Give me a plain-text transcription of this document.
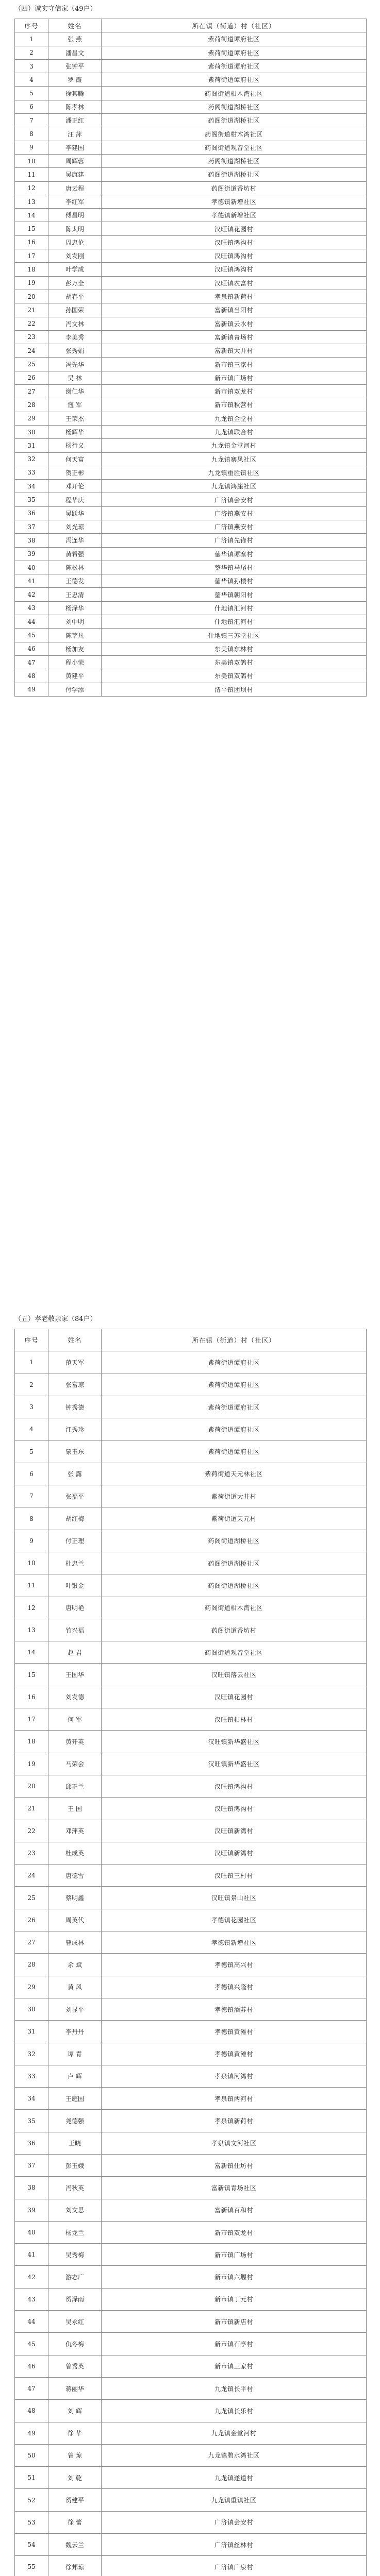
（四）诚实守信家（49户）
序号	姓名	所在镇（街道）村（社区）
1	张 燕	紫荷街道谭府社区
2	潘昌文	紫荷街道谭府社区
3	张钟平	紫荷街道谭府社区
4	罗 霞	紫荷街道谭府社区
5	徐其腾	药阁街道柑木湾社区
6	陈孝林	药阁街道湖桥社区
7	潘正红	药阁街道湖桥社区
8	汪 萍	药阁街道柑木湾社区
9	李建国	药阁街道观音堂社区
10	周辉蓉	药阁街道湖桥社区
11	吴康建	药阁街道湖桥社区
12	唐云程	药阁街道香坊村
13	李红军	孝德镇新增社区
14	傅昌明	孝德镇新增社区
15	陈太明	汉旺镇花园村
16	周忠伦	汉旺镇鸿沟村
17	刘发刚	汉旺镇鸿沟村
18	叶学成	汉旺镇鸿沟村
19	彭万全	汉旺镇农富村
20	胡春平	孝泉镇新荷村
21	孙国荣	富新镇当阳村
22	冯文林	富新镇云水村
23	李美秀	富新镇青场村
24	张秀娟	富新镇大井村
25	冯先华	新市镇三家村
26	吴 林	新市镇广场村
27	谢仁华	新市镇双龙村
28	寇 军	新市镇秋营村
29	王荣杰	九龙镇金堂村
30	杨辉华	九龙镇联合村
31	杨行义	九龙镇金堂河村
32	何天富	九龙镇寨凤社区
33	贺正彬	九龙镇重胜镇社区
34	邓开伦	九龙镇鸿崖社区
35	程华庆	广济镇会安村
36	吴跃华	广济镇燕安村
37	刘光琼	广济镇燕安村
38	冯连华	广济镇先锋村
39	黄希强	蓥华镇谭寨村
40	陈松林	蓥华镇马尾村
41	王德发	蓥华镇孙楼村
42	王忠清	蓥华镇朝阳村
43	杨泽华	什地镇汇河村
44	刘中明	什地镇汇河村
45	陈莘凡	什地镇三苏堂社区
46	杨加友	东美镇东林村
47	程小荣	东美镇双鸽村
48	黄建平	东美镇双鸽村
49	付学添	清平镇团坝村
（五）孝老敬亲家（84户）
序号	姓名	所在镇（街道）村（社区）
1	范天军	紫荷街道谭府社区
2	张富琼	紫荷街道谭府社区
3	钟秀德	紫荷街道谭府社区
4	江秀珍	紫荷街道谭府社区
5	蒙玉东	紫荷街道谭府社区
6	张 露	紫荷街道天元林社区
7	张福平	紫荷街道大井村
8	胡红梅	紫荷街道天元村
9	付正理	药阁街道湖桥社区
10	杜忠兰	药阁街道湖桥社区
11	叶银金	药阁街道湖桥社区
12	唐明艳	药阁街道柑木湾社区
13	竹兴福	药阁街道香坊村
14	赵 君	药阁街道观音堂社区
15	王国华	汉旺镇落云社区
16	刘发德	汉旺镇花园村
17	何 军	汉旺镇柑林村
18	黄开英	汉旺镇新华盛社区
19	马荣会	汉旺镇新华盛社区
20	邱正兰	汉旺镇鸿沟村
21	王 国	汉旺镇鸿沟村
22	邓萍英	汉旺镇新湾村
23	杜成英	汉旺镇新湾村
24	唐德雪	汉旺镇三村村
25	蔡明鑫	汉旺镇景山社区
26	周英代	孝德镇花园社区
27	曹成林	孝德镇新增社区
28	余 斌	孝德镇高兴村
29	黄 风	孝德镇兴隆村
30	刘显平	孝德镇酒苏村
31	李丹丹	孝德镇黄滩村
32	谭 青	孝德镇黄滩村
33	卢 辉	孝泉镇河湾村
34	王庭国	孝泉镇两河村
35	尧德强	孝泉镇新荷村
36	王晓	孝泉镇文河社区
37	彭玉娥	富新镇仕坊村
38	冯秋英	富新镇青场社区
39	刘文思	富新镇百和村
40	杨龙兰	新市镇双龙村
41	吴秀梅	新市镇广场村
42	游志广	新市镇六堰村
43	贺泽雨	新市镇丁元村
44	吴永红	新市镇新店村
45	仇冬梅	新市镇石亭村
46	曾秀英	新市镇三家村
47	蒋丽华	九龙镇长平村
48	刘 辉	九龙镇长乐村
49	徐 华	九龙镇金堂河村
50	曾 琼	九龙镇碧水湾社区
51	刘 乾	九龙镇遂道村
52	贺建平	九龙镇重镇社区
53	徐 蕾	广济镇会安村
54	魏云兰	广济镇丝林村
55	徐邦琼	广济镇广泉村
